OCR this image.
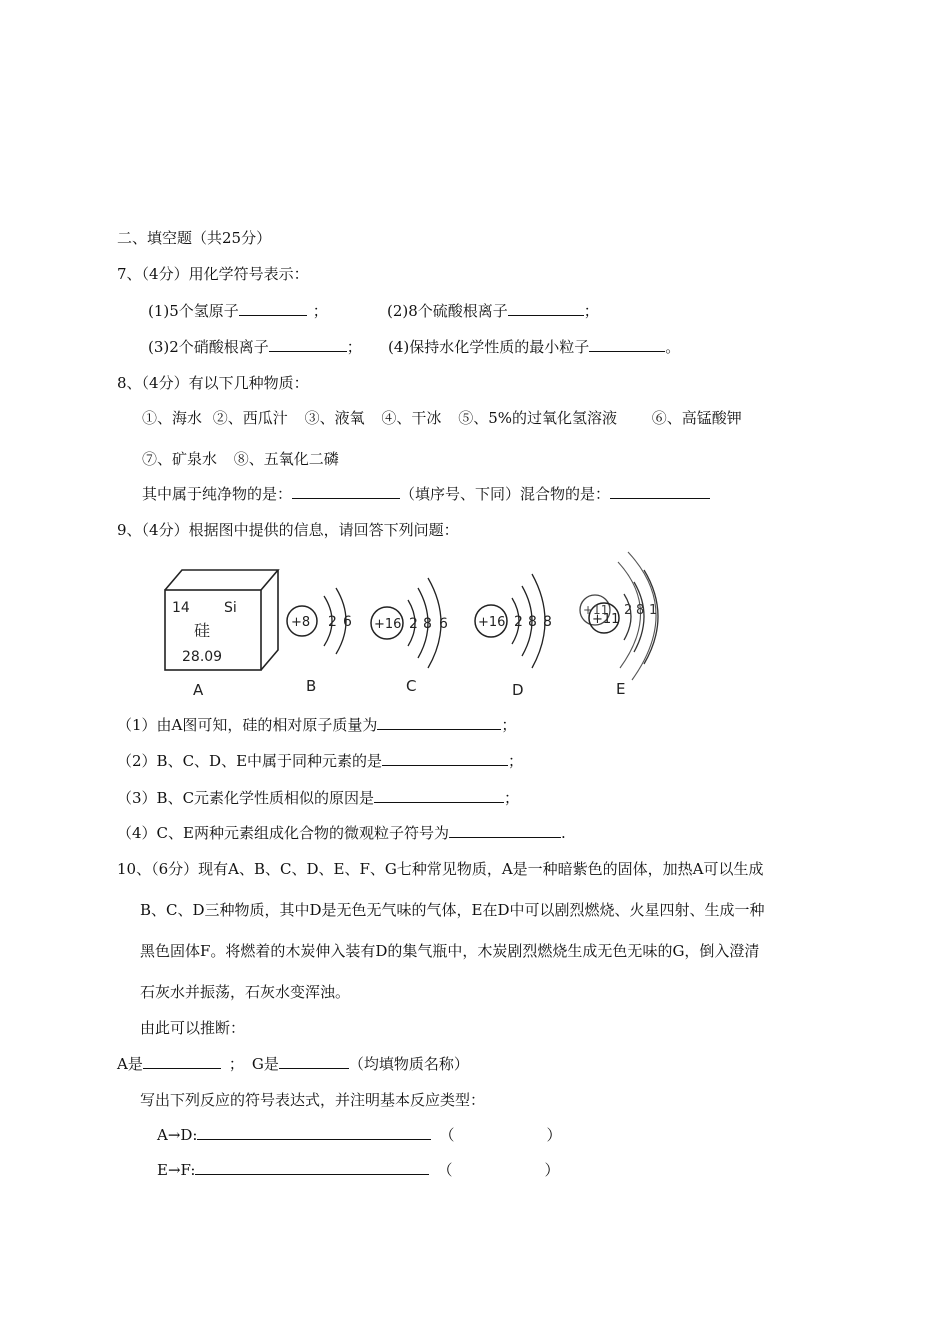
二、填空题（共25分）
7、（4分）用化学符号表示：
(1)5个氢原子	；	(2)8个硫酸根离子	；
(3)2个硝酸根离子	； (4)保持水化学性质的最小粒子	。
8、（4分）有以下几种物质：
①、海水 ②、西瓜汁 ③、液氧 ④、干冰 ⑤、5%的过氧化氢溶液 ⑥、高锰酸钾
⑦、矿泉水 ⑧、五氧化二磷
其中属于纯净物的是：	（填序号、下同）混合物的是：
9、（4分）根据图中提供的信息，请回答下列问题：
14 Si
硅
28.09
A
+8 2 6
B
+16 2 8 6
C
+16 2 8 8
D
+11
+11
2 8 1
E
（1）由A图可知，硅的相对原子质量为	；
（2）B、C、D、E中属于同种元素的是	；
（3）B、C元素化学性质相似的原因是	；
（4）C、E两种元素组成化合物的微观粒子符号为	.
10、（6分）现有A、B、C、D、E、F、G七种常见物质，A是一种暗紫色的固体，加热A可以生成
B、C、D三种物质，其中D是无色无气味的气体，E在D中可以剧烈燃烧、火星四射、生成一种
黑色固体F。将燃着的木炭伸入装有D的集气瓶中，木炭剧烈燃烧生成无色无味的G，倒入澄清
石灰水并振荡，石灰水变浑浊。
由此可以推断：
A是	； G是	（均填物质名称）
写出下列反应的符号表达式，并注明基本反应类型：
A→D:	（	）
E→F:	（	）
